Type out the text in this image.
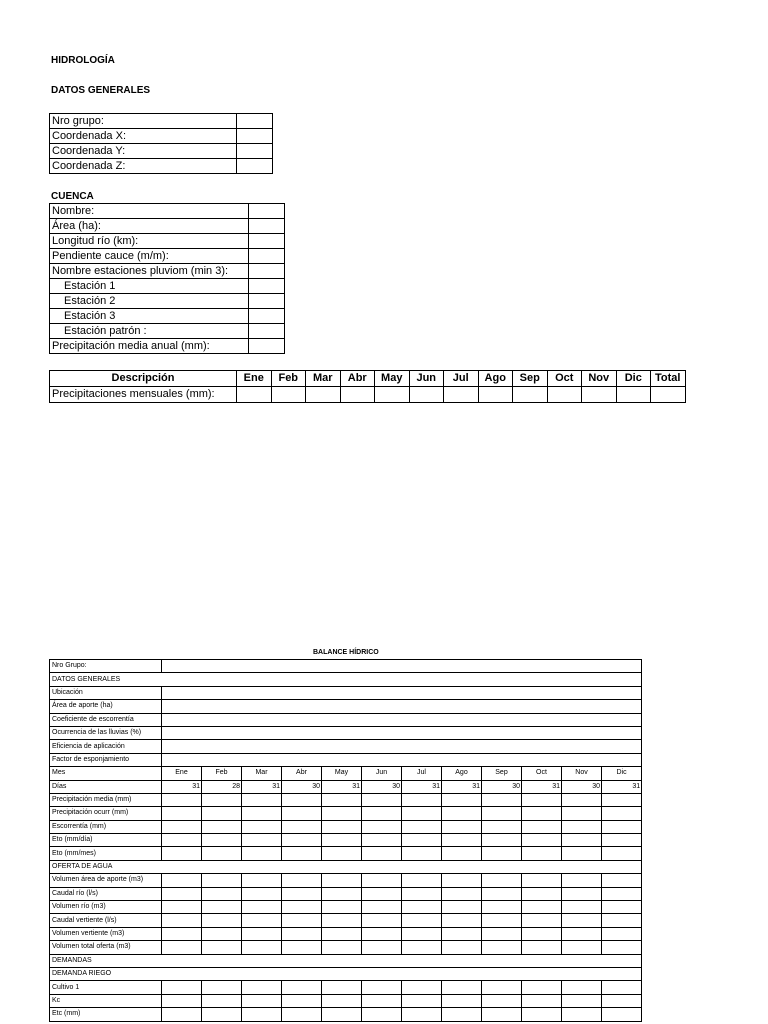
HIDROLOGÍA
DATOS GENERALES
Nro grupo:	
Coordenada X:	
Coordenada Y:	
Coordenada Z:	
CUENCA
Nombre:	
Área (ha):	
Longitud río (km):	
Pendiente cauce (m/m):	
Nombre estaciones pluviom (min 3):	
Estación 1	
Estación 2	
Estación 3	
Estación patrón :	
Precipitación media anual (mm):	
Descripción	Ene	Feb	Mar	Abr	May	Jun	Jul	Ago	Sep	Oct	Nov	Dic	Total
Precipitaciones mensuales (mm):													
BALANCE HÍDRICO
Nro Grupo:												
DATOS GENERALES												
Ubicación												
Área de aporte (ha)												
Coeficiente de escorrentía												
Ocurrencia de las lluvias (%)												
Eficiencia de aplicación												
Factor de esponjamiento												
Mes	Ene	Feb	Mar	Abr	May	Jun	Jul	Ago	Sep	Oct	Nov	Dic
Días	31	28	31	30	31	30	31	31	30	31	30	31
Precipitación media (mm)												
Precipitación ocurr (mm)												
Escorrentía (mm)												
Eto (mm/día)												
Eto (mm/mes)												
OFERTA DE AGUA												
Volumen área de aporte (m3)												
Caudal río (l/s)												
Volumen río (m3)												
Caudal vertiente (l/s)												
Volumen vertiente (m3)												
Volumen total oferta (m3)												
DEMANDAS												
DEMANDA RIEGO												
Cultivo 1												
Kc												
Etc (mm)												
